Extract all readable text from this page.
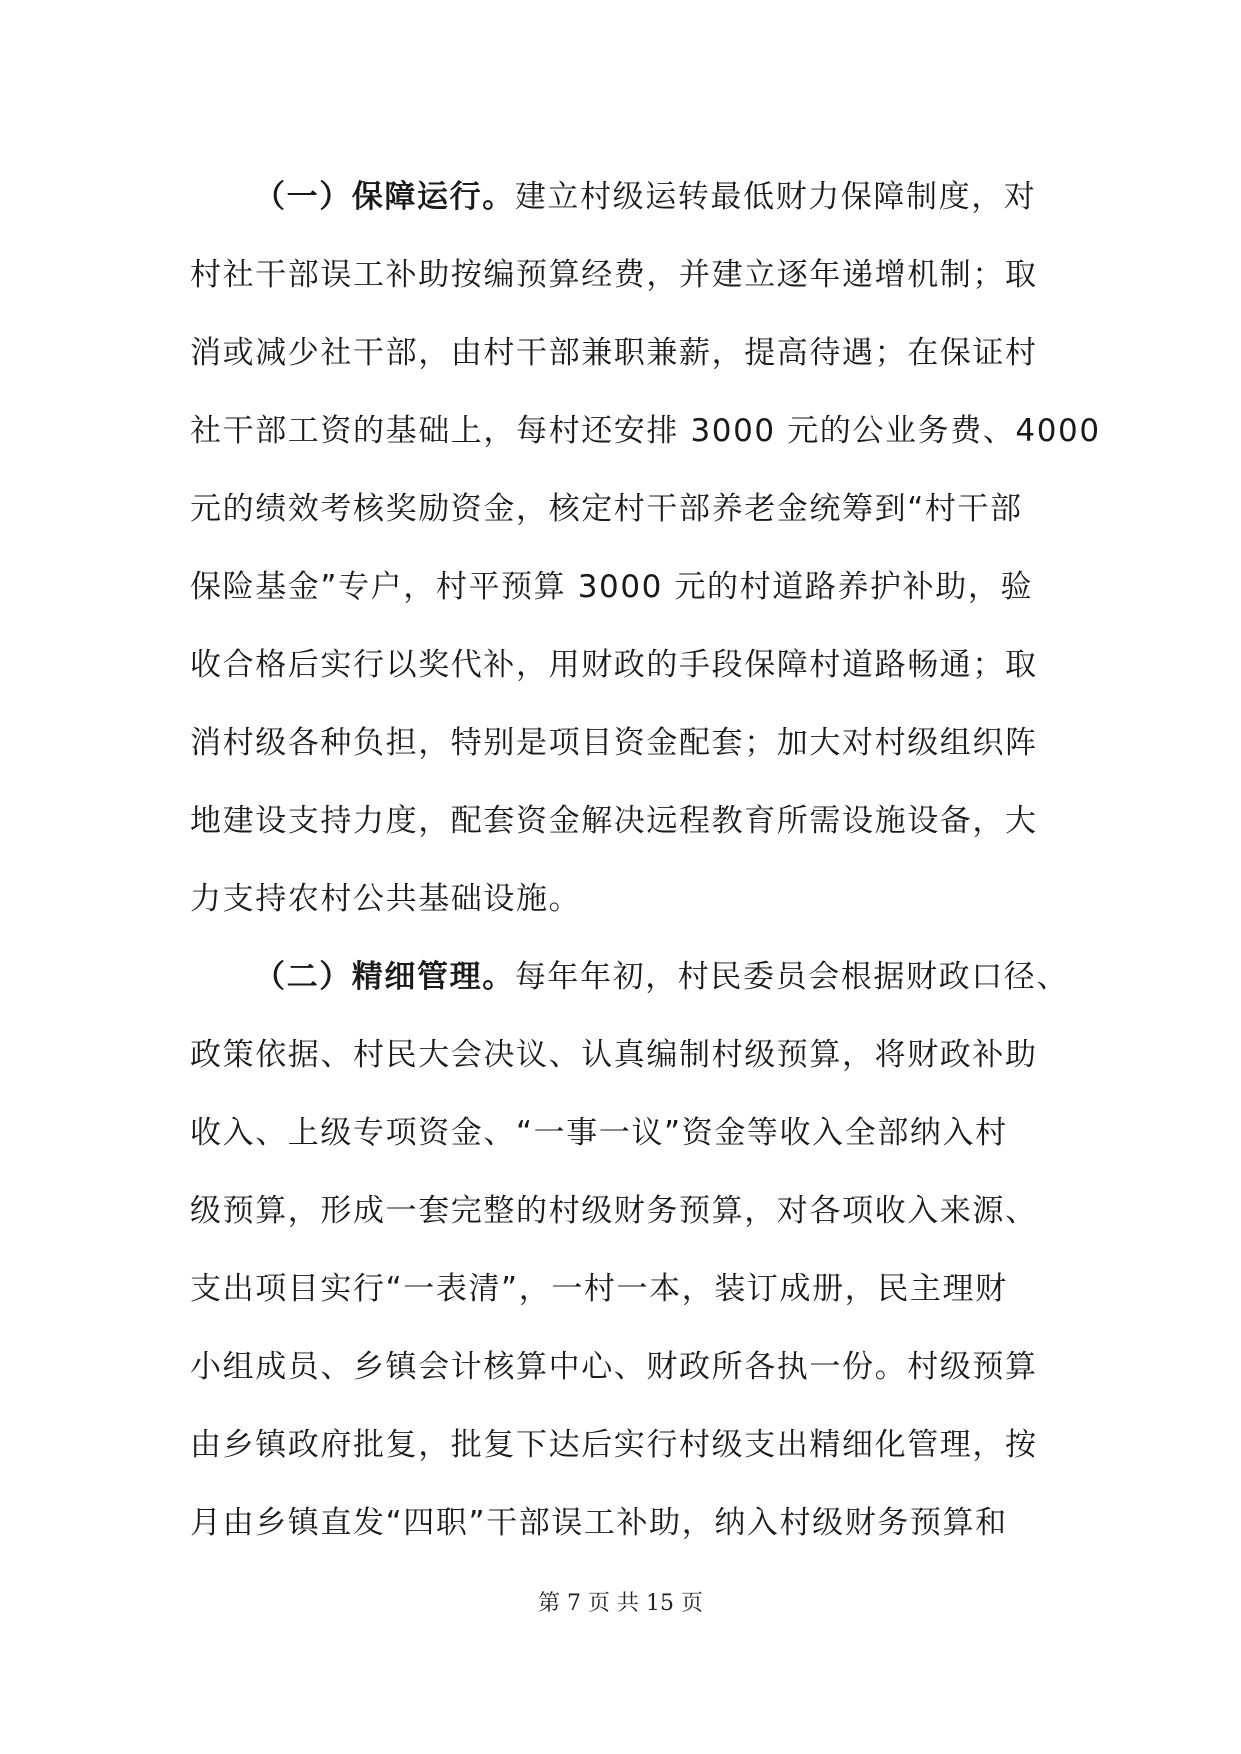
（一）保障运行。建立村级运转最低财力保障制度，对
村社干部误工补助按编预算经费，并建立逐年递增机制；取
消或减少社干部，由村干部兼职兼薪，提高待遇；在保证村
社干部工资的基础上，每村还安排 3000 元的公业务费、4000
元的绩效考核奖励资金，核定村干部养老金统筹到“村干部
保险基金”专户，村平预算 3000 元的村道路养护补助，验
收合格后实行以奖代补，用财政的手段保障村道路畅通；取
消村级各种负担，特别是项目资金配套；加大对村级组织阵
地建设支持力度，配套资金解决远程教育所需设施设备，大
力支持农村公共基础设施。
（二）精细管理。每年年初，村民委员会根据财政口径、
政策依据、村民大会决议、认真编制村级预算，将财政补助
收入、上级专项资金、“一事一议”资金等收入全部纳入村
级预算，形成一套完整的村级财务预算，对各项收入来源、
支出项目实行“一表清”，一村一本，装订成册，民主理财
小组成员、乡镇会计核算中心、财政所各执一份。村级预算
由乡镇政府批复，批复下达后实行村级支出精细化管理，按
月由乡镇直发“四职”干部误工补助，纳入村级财务预算和
第 7 页 共 15 页
